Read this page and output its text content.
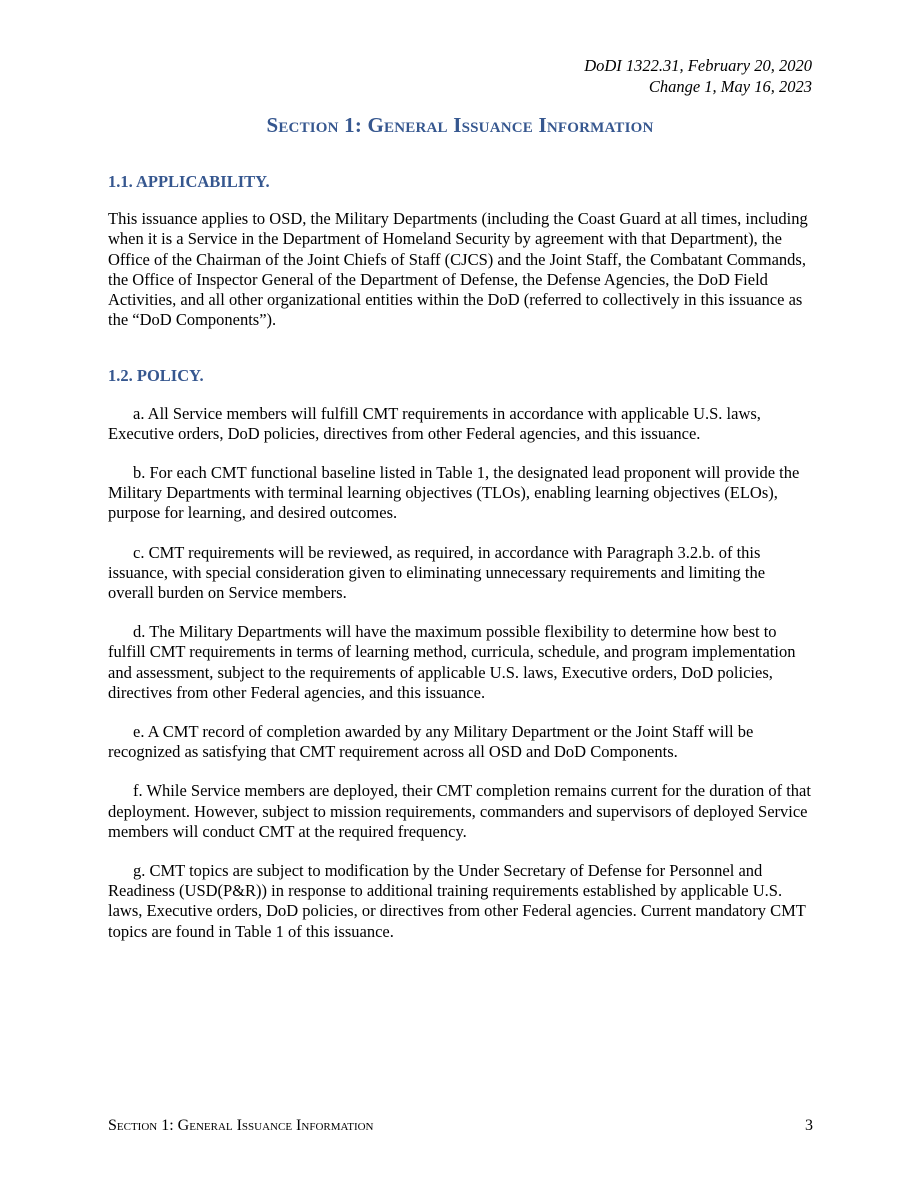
DoDI 1322.31, February 20, 2020
Change 1, May 16, 2023
Section 1: General Issuance Information

1.1. APPLICABILITY.

This issuance applies to OSD, the Military Departments (including the Coast Guard at all times, including when it is a Service in the Department of Homeland Security by agreement with that Department), the Office of the Chairman of the Joint Chiefs of Staff (CJCS) and the Joint Staff, the Combatant Commands, the Office of Inspector General of the Department of Defense, the Defense Agencies, the DoD Field Activities, and all other organizational entities within the DoD (referred to collectively in this issuance as the “DoD Components”).

1.2. POLICY.

a. All Service members will fulfill CMT requirements in accordance with applicable U.S. laws, Executive orders, DoD policies, directives from other Federal agencies, and this issuance.

b. For each CMT functional baseline listed in Table 1, the designated lead proponent will provide the Military Departments with terminal learning objectives (TLOs), enabling learning objectives (ELOs), purpose for learning, and desired outcomes.

c. CMT requirements will be reviewed, as required, in accordance with Paragraph 3.2.b. of this issuance, with special consideration given to eliminating unnecessary requirements and limiting the overall burden on Service members.

d. The Military Departments will have the maximum possible flexibility to determine how best to fulfill CMT requirements in terms of learning method, curricula, schedule, and program implementation and assessment, subject to the requirements of applicable U.S. laws, Executive orders, DoD policies, directives from other Federal agencies, and this issuance.

e. A CMT record of completion awarded by any Military Department or the Joint Staff will be recognized as satisfying that CMT requirement across all OSD and DoD Components.

f. While Service members are deployed, their CMT completion remains current for the duration of that deployment. However, subject to mission requirements, commanders and supervisors of deployed Service members will conduct CMT at the required frequency.

g. CMT topics are subject to modification by the Under Secretary of Defense for Personnel and Readiness (USD(P&R)) in response to additional training requirements established by applicable U.S. laws, Executive orders, DoD policies, or directives from other Federal agencies. Current mandatory CMT topics are found in Table 1 of this issuance.

Section 1: General Issuance Information	3
